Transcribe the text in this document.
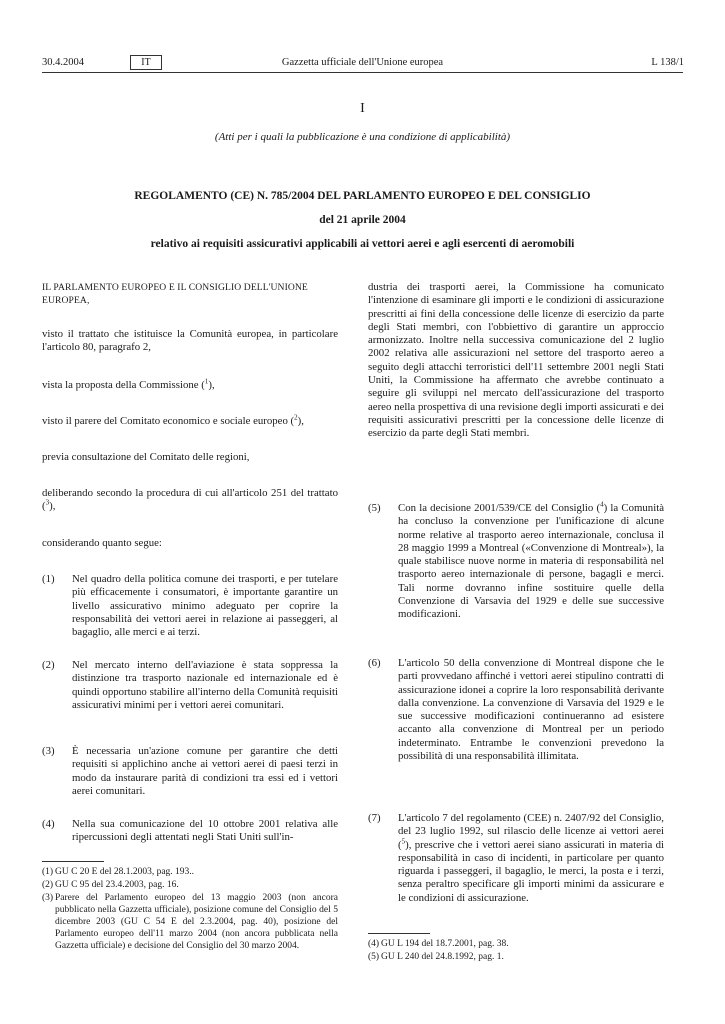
30.4.2004	IT	Gazzetta ufficiale dell'Unione europea	L 138/1
I
(Atti per i quali la pubblicazione è una condizione di applicabilità)
REGOLAMENTO (CE) N. 785/2004 DEL PARLAMENTO EUROPEO E DEL CONSIGLIO
del 21 aprile 2004
relativo ai requisiti assicurativi applicabili ai vettori aerei e agli esercenti di aeromobili
IL PARLAMENTO EUROPEO E IL CONSIGLIO DELL'UNIONE EUROPEA,
visto il trattato che istituisce la Comunità europea, in particolare l'articolo 80, paragrafo 2,
vista la proposta della Commissione ($^1$),
visto il parere del Comitato economico e sociale europeo ($^2$),
previa consultazione del Comitato delle regioni,
deliberando secondo la procedura di cui all'articolo 251 del trattato ($^3$),
considerando quanto segue:
(1) Nel quadro della politica comune dei trasporti, e per tutelare più efficacemente i consumatori, è importante garantire un livello assicurativo minimo adeguato per coprire la responsabilità dei vettori aerei in relazione ai passeggeri, al bagaglio, alle merci e ai terzi.
(2) Nel mercato interno dell'aviazione è stata soppressa la distinzione tra trasporto nazionale ed internazionale ed è quindi opportuno stabilire all'interno della Comunità requisiti assicurativi minimi per i vettori aerei comunitari.
(3) È necessaria un'azione comune per garantire che detti requisiti si applichino anche ai vettori aerei di paesi terzi in modo da instaurare parità di condizioni tra essi ed i vettori aerei comunitari.
(4) Nella sua comunicazione del 10 ottobre 2001 relativa alle ripercussioni degli attentati negli Stati Uniti sull'in-
(1) GU C 20 E del 28.1.2003, pag. 193..
(2) GU C 95 del 23.4.2003, pag. 16.
(3) Parere del Parlamento europeo del 13 maggio 2003 (non ancora pubblicato nella Gazzetta ufficiale), posizione comune del Consiglio del 5 dicembre 2003 (GU C 54 E del 2.3.2004, pag. 40), posizione del Parlamento europeo dell'11 marzo 2004 (non ancora pubblicata nella Gazzetta ufficiale) e decisione del Consiglio del 30 marzo 2004.
dustria dei trasporti aerei, la Commissione ha comunicato l'intenzione di esaminare gli importi e le condizioni di assicurazione prescritti ai fini della concessione delle licenze di esercizio da parte degli Stati membri, con l'obbiettivo di garantire un approccio armonizzato. Inoltre nella successiva comunicazione del 2 luglio 2002 relativa alle assicurazioni nel settore del trasporto aereo a seguito degli attacchi terroristici dell'11 settembre 2001 negli Stati Uniti, la Commissione ha affermato che avrebbe continuato a seguire gli sviluppi nel mercato dell'assicurazione del trasporto aereo nella prospettiva di una revisione degli importi assicurati e dei requisiti assicurativi prescritti per la concessione delle licenze di esercizio da parte degli Stati membri.
(5) Con la decisione 2001/539/CE del Consiglio ($^4$) la Comunità ha concluso la convenzione per l'unificazione di alcune norme relative al trasporto aereo internazionale, conclusa il 28 maggio 1999 a Montreal («Convenzione di Montreal»), la quale stabilisce nuove norme in materia di responsabilità nel trasporto aereo internazionale di persone, bagagli e merci. Tali norme dovranno infine sostituire quelle della Convenzione di Varsavia del 1929 e delle sue successive modificazioni.
(6) L'articolo 50 della convenzione di Montreal dispone che le parti provvedano affinché i vettori aerei stipulino contratti di assicurazione idonei a coprire la loro responsabilità derivante dalla convenzione. La convenzione di Varsavia del 1929 e le sue successive modificazioni continueranno ad esistere accanto alla convenzione di Montreal per un periodo indeterminato. Entrambe le convenzioni prevedono la possibilità di una responsabilità illimitata.
(7) L'articolo 7 del regolamento (CEE) n. 2407/92 del Consiglio, del 23 luglio 1992, sul rilascio delle licenze ai vettori aerei ($^5$), prescrive che i vettori aerei siano assicurati in materia di responsabilità in caso di incidenti, in particolare per quanto riguarda i passeggeri, il bagaglio, le merci, la posta e i terzi, senza peraltro specificare gli importi minimi da assicurare e le condizioni di assicurazione.
(4) GU L 194 del 18.7.2001, pag. 38.
(5) GU L 240 del 24.8.1992, pag. 1.
